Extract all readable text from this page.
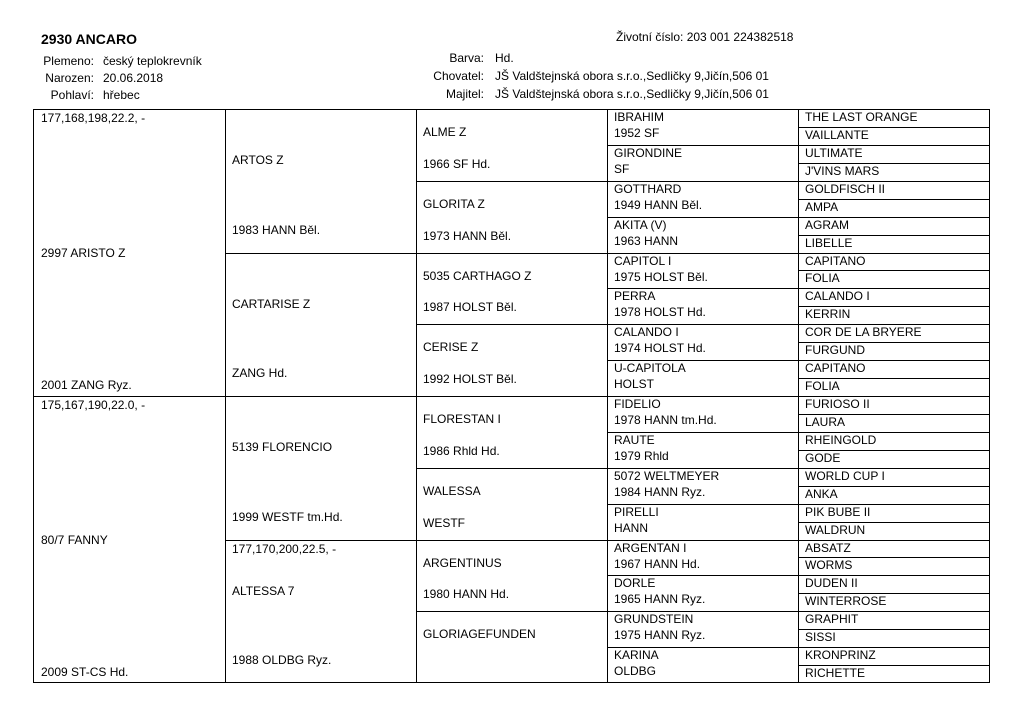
2930 ANCARO	Životní číslo: 203 001 224382518
Plemeno: český teplokrevník
Narozen: 20.06.2018
Pohlaví: hřebec
Barva: Hd.
Chovatel: JŠ Valdštejnská obora s.r.o.,Sedličky 9,Jičín,506 01
Majitel: JŠ Valdštejnská obora s.r.o.,Sedličky 9,Jičín,506 01
177,168,198,22.2, -
2997 ARISTO Z
2001 ZANG Ryz.
175,167,190,22.0, -
80/7 FANNY
2009 ST-CS Hd.
ARTOS Z
1983 HANN Běl.
CARTARISE Z
ZANG Hd.
5139 FLORENCIO
1999 WESTF tm.Hd.
177,170,200,22.5, -
ALTESSA 7
1988 OLDBG Ryz.
ALME Z
1966 SF Hd.
GLORITA Z
1973 HANN Běl.
5035 CARTHAGO Z
1987 HOLST Běl.
CERISE Z
1992 HOLST Běl.
FLORESTAN I
1986 Rhld Hd.
WALESSA
WESTF
ARGENTINUS
1980 HANN Hd.
GLORIAGEFUNDEN
IBRAHIM
1952 SF
GIRONDINE
SF
GOTTHARD
1949 HANN Běl.
AKITA (V)
1963 HANN
CAPITOL I
1975 HOLST Běl.
PERRA
1978 HOLST Hd.
CALANDO I
1974 HOLST Hd.
U-CAPITOLA
HOLST
FIDELIO
1978 HANN tm.Hd.
RAUTE
1979 Rhld
5072 WELTMEYER
1984 HANN Ryz.
PIRELLI
HANN
ARGENTAN I
1967 HANN Hd.
DORLE
1965 HANN Ryz.
GRUNDSTEIN
1975 HANN Ryz.
KARINA
OLDBG
THE LAST ORANGE
VAILLANTE
ULTIMATE
J'VINS MARS
GOLDFISCH II
AMPA
AGRAM
LIBELLE
CAPITANO
FOLIA
CALANDO I
KERRIN
COR DE LA BRYERE
FURGUND
CAPITANO
FOLIA
FURIOSO II
LAURA
RHEINGOLD
GODE
WORLD CUP I
ANKA
PIK BUBE II
WALDRUN
ABSATZ
WORMS
DUDEN II
WINTERROSE
GRAPHIT
SISSI
KRONPRINZ
RICHETTE
